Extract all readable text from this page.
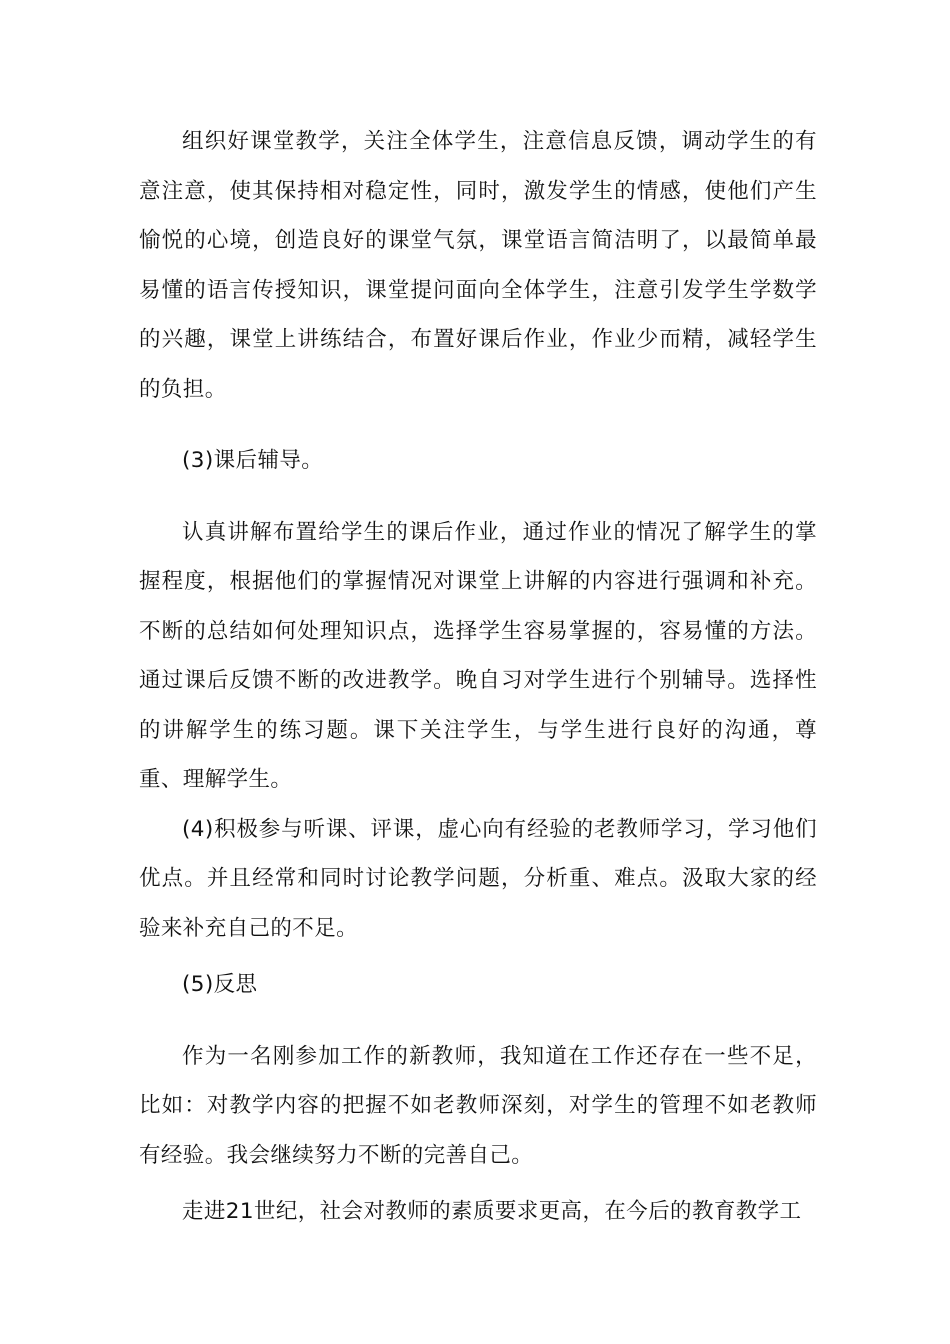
组织好课堂教学，关注全体学生，注意信息反馈，调动学生的有意注意，使其保持相对稳定性，同时，激发学生的情感，使他们产生愉悦的心境，创造良好的课堂气氛，课堂语言简洁明了，以最简单最易懂的语言传授知识，课堂提问面向全体学生，注意引发学生学数学的兴趣，课堂上讲练结合，布置好课后作业，作业少而精，减轻学生的负担。

(3)课后辅导。

认真讲解布置给学生的课后作业，通过作业的情况了解学生的掌握程度，根据他们的掌握情况对课堂上讲解的内容进行强调和补充。不断的总结如何处理知识点，选择学生容易掌握的，容易懂的方法。通过课后反馈不断的改进教学。晚自习对学生进行个别辅导。选择性的讲解学生的练习题。课下关注学生，与学生进行良好的沟通，尊重、理解学生。

(4)积极参与听课、评课，虚心向有经验的老教师学习，学习他们优点。并且经常和同时讨论教学问题，分析重、难点。汲取大家的经验来补充自己的不足。

(5)反思

作为一名刚参加工作的新教师，我知道在工作还存在一些不足，比如：对教学内容的把握不如老教师深刻，对学生的管理不如老教师有经验。我会继续努力不断的完善自己。

走进21世纪，社会对教师的素质要求更高，在今后的教育教学工
